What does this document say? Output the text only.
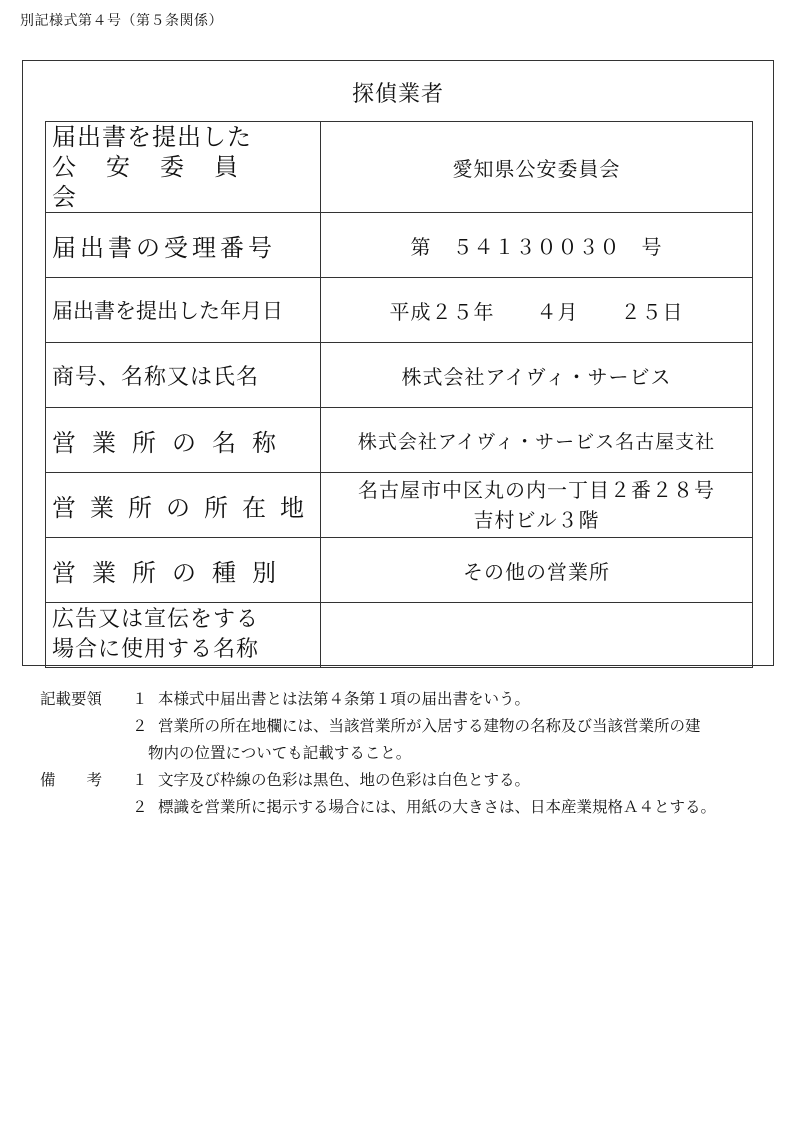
別記様式第４号（第５条関係）
探偵業者
届出書を提出した
公安委員会	愛知県公安委員会
届出書の受理番号	第　５４１３００３０　号
届出書を提出した年月日	平成２５年　　４月　　２５日
商号、名称又は氏名	株式会社アイヴィ・サービス
営業所の名称	株式会社アイヴィ・サービス名古屋支社
営業所の所在地	名古屋市中区丸の内一丁目２番２８号
吉村ビル３階

営業所の種別	その他の営業所

広告又は宣伝をする
場合に使用する名称	

記載要領 １ 本様式中届出書とは法第４条第１項の届出書をいう。
２ 営業所の所在地欄には、当該営業所が入居する建物の名称及び当該営業所の建
物内の位置についても記載すること。
備　　考 １ 文字及び枠線の色彩は黒色、地の色彩は白色とする。
２ 標識を営業所に掲示する場合には、用紙の大きさは、日本産業規格Ａ４とする。
